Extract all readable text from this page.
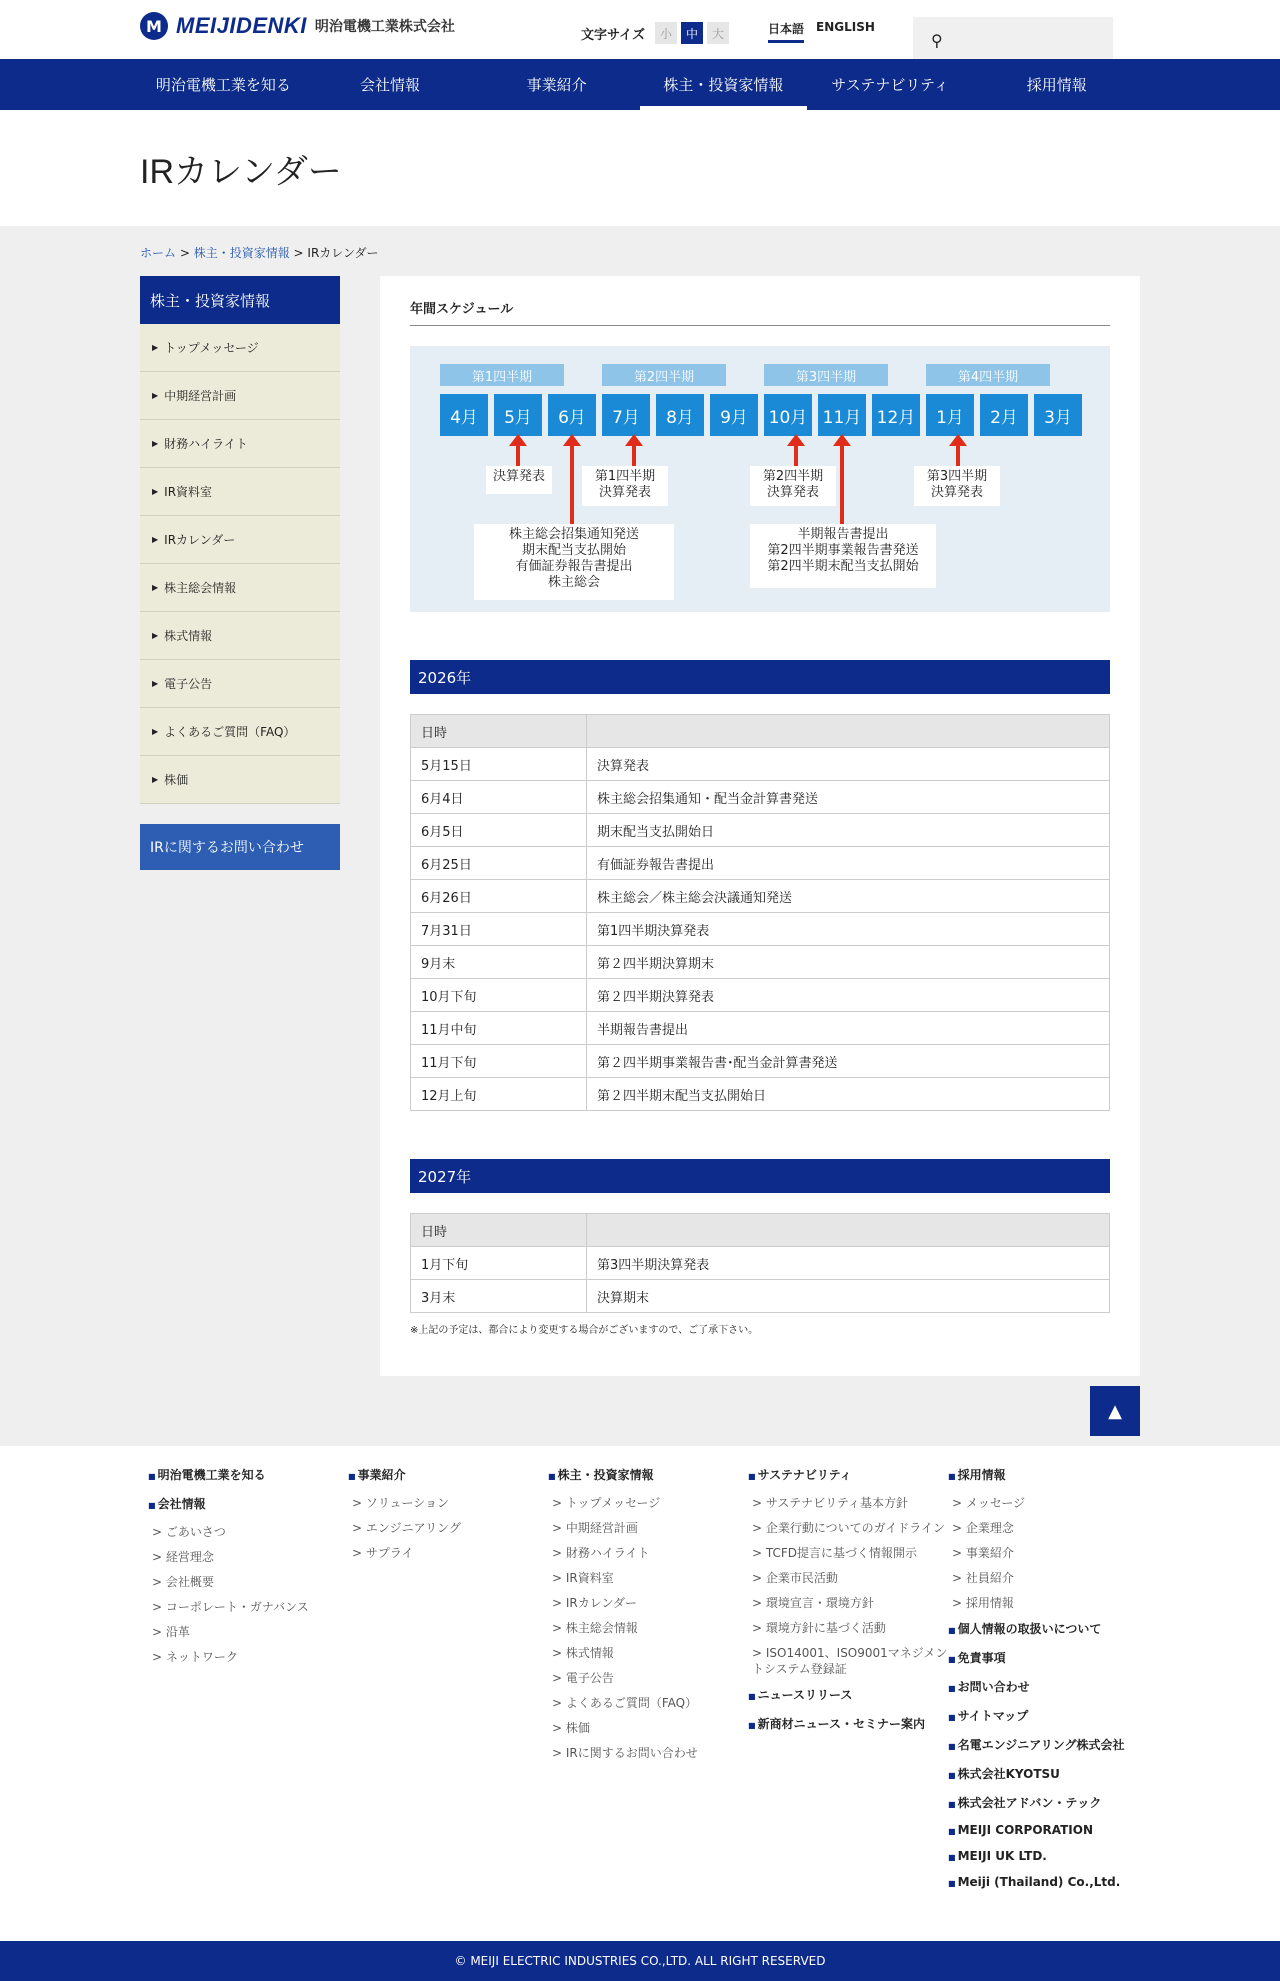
M MEIJIDENKI 明治電機工業株式会社	文字サイズ	小	中	大	日本語 ENGLISH
⚲
明治電機工業を知る	会社情報	事業紹介	株主・投資家情報	サステナビリティ	採用情報
IRカレンダー
ホーム > 株主・投資家情報 > IRカレンダー
株主・投資家情報
▶ トップメッセージ
▶ 中期経営計画
▶ 財務ハイライト
▶ IR資料室
▶ IRカレンダー
▶ 株主総会情報
▶ 株式情報
▶ 電子公告
▶ よくあるご質問（FAQ）
▶ 株価
IRに関するお問い合わせ
年間スケジュール
第1四半期	第2四半期	第3四半期	第4四半期
4月	5月	6月	7月	8月	9月	10月 11月 12月	1月	2月	3月
決算発表	第1四半期
決算発表
第2四半期
決算発表
第3四半期
決算発表
株主総会招集通知発送
期末配当支払開始
有価証券報告書提出
株主総会
半期報告書提出
第2四半期事業報告書発送
第2四半期末配当支払開始
2026年
日時	
5月15日	決算発表
6月4日	株主総会招集通知・配当金計算書発送
6月5日	期末配当支払開始日
6月25日	有価証券報告書提出
6月26日	株主総会／株主総会決議通知発送
7月31日	第1四半期決算発表
9月末	第２四半期決算期末
10月下旬	第２四半期決算発表
11月中旬	半期報告書提出
11月下旬	第２四半期事業報告書･配当金計算書発送
12月上旬	第２四半期末配当支払開始日
2027年
日時	
1月下旬	第3四半期決算発表
3月末	決算期末
※上記の予定は、都合により変更する場合がございますので、ご了承下さい。
▲
■ 明治電機工業を知る
■ 会社情報
> ごあいさつ
> 経営理念
> 会社概要
> コーポレート・ガナバンス
> 沿革
> ネットワーク
■ 事業紹介
> ソリューション
> エンジニアリング
> サプライ
■ 株主・投資家情報
> トップメッセージ
> 中期経営計画
> 財務ハイライト
> IR資料室
> IRカレンダー
> 株主総会情報
> 株式情報
> 電子公告
> よくあるご質問（FAQ）
> 株価
> IRに関するお問い合わせ
■ サステナビリティ
> サステナビリティ基本方針
> 企業行動についてのガイドライン
> TCFD提言に基づく情報開示
> 企業市民活動
> 環境宣言・環境方針
> 環境方針に基づく活動
> ISO14001、ISO9001マネジメントシステム登録証
■ ニュースリリース
■ 新商材ニュース・セミナー案内
■ 採用情報
> メッセージ
> 企業理念
> 事業紹介
> 社員紹介
> 採用情報
■ 個人情報の取扱いについて
■ 免責事項
■ お問い合わせ
■ サイトマップ
■ 名電エンジニアリング株式会社
■ 株式会社KYOTSU
■ 株式会社アドバン・テック
■ MEIJI CORPORATION
■ MEIJI UK LTD.
■ Meiji (Thailand) Co.,Ltd.
© MEIJI ELECTRIC INDUSTRIES CO.,LTD. ALL RIGHT RESERVED
